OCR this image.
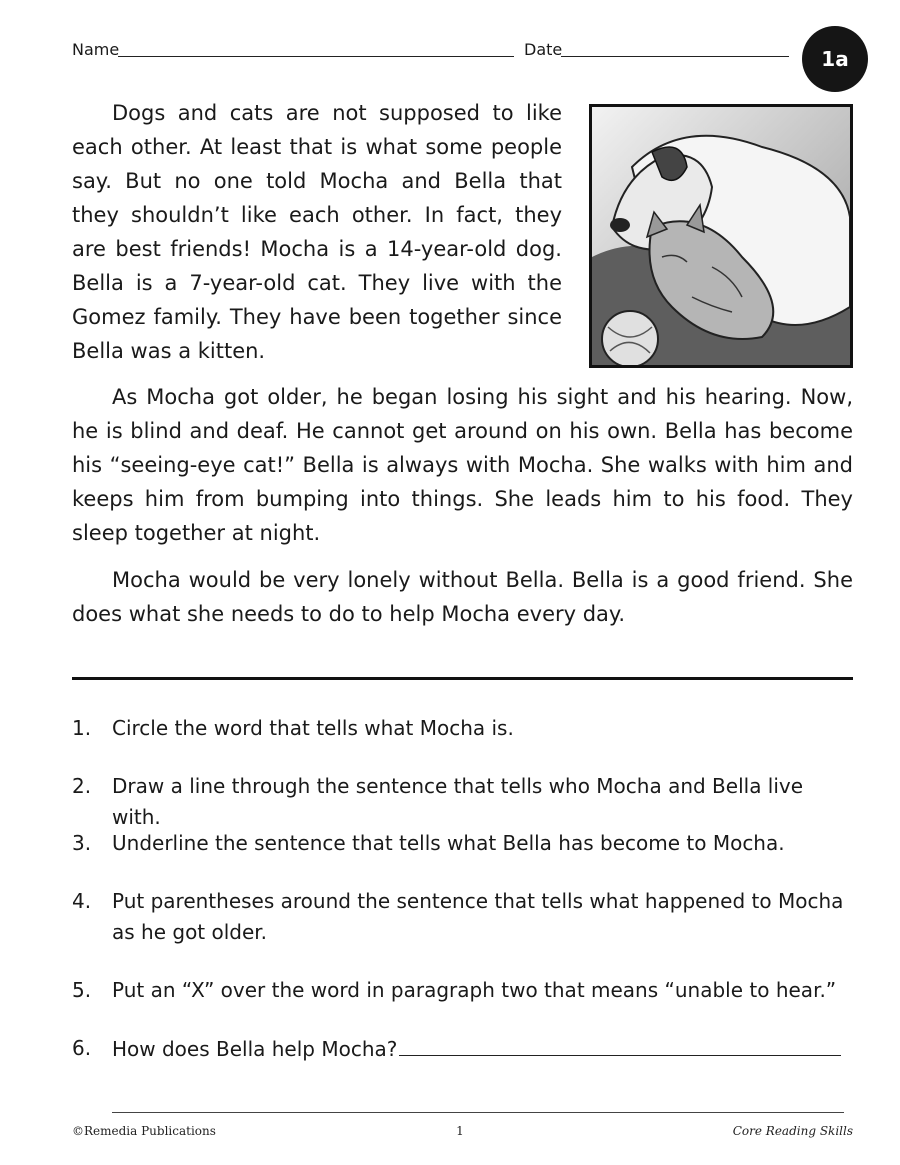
Name	Date	1a

Dogs and cats are not supposed to like each other. At least that is what some people say. But no one told Mocha and Bella that they shouldn’t like each other. In fact, they are best friends! Mocha is a 14-year-old dog. Bella is a 7-year-old cat. They live with the Gomez family. They have been together since Bella was a kitten.

As Mocha got older, he began losing his sight and his hearing. Now, he is blind and deaf. He cannot get around on his own. Bella has become his “seeing-eye cat!” Bella is always with Mocha. She walks with him and keeps him from bumping into things. She leads him to his food. They sleep together at night.

Mocha would be very lonely without Bella. Bella is a good friend. She does what she needs to do to help Mocha every day.

1. Circle the word that tells what Mocha is.
2. Draw a line through the sentence that tells who Mocha and Bella live with.
3. Underline the sentence that tells what Bella has become to Mocha.
4. Put parentheses around the sentence that tells what happened to Mocha as he got older.
5. Put an “X” over the word in paragraph two that means “unable to hear.”
6. How does Bella help Mocha?
©Remedia Publications	1	Core Reading Skills
